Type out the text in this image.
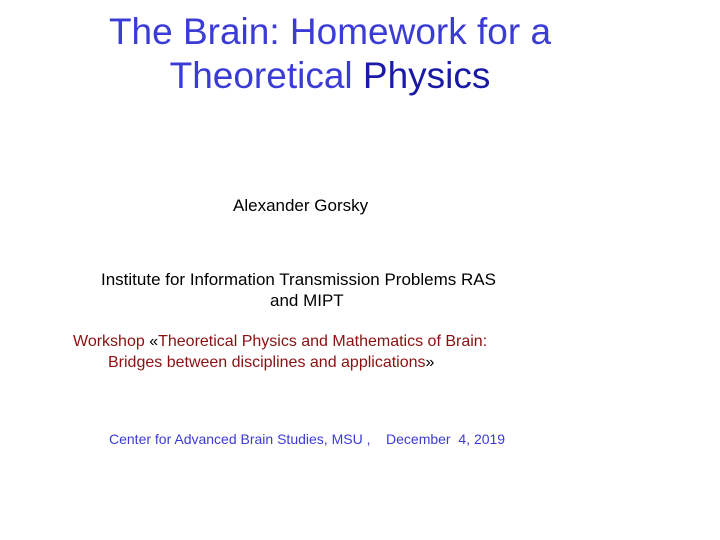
The Brain: Homework for a
Theoretical Physics
Alexander Gorsky
Institute for Information Transmission Problems RAS
and MIPT
Workshop «Theoretical Physics and Mathematics of Brain:
Bridges between disciplines and applications»
Center for Advanced Brain Studies, MSU ,    December  4, 2019
